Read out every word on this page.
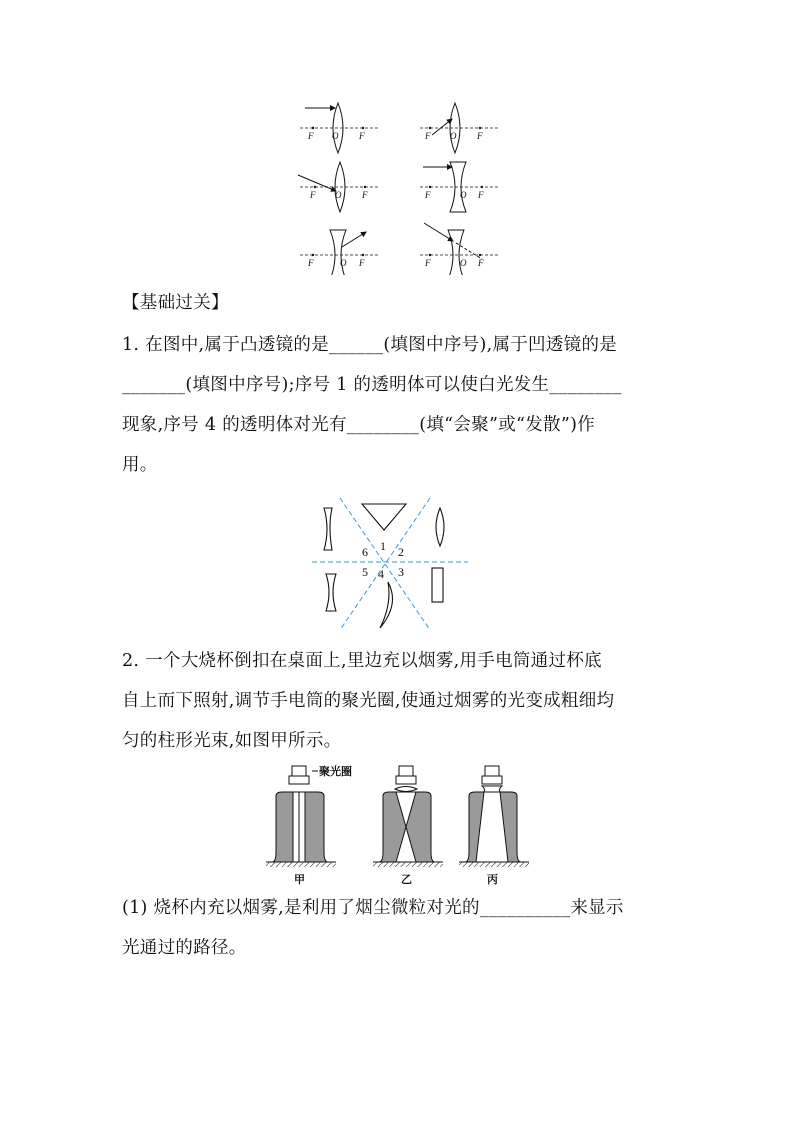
F O F	F O F
F O F	F	O F
F	O F	F	O F
【基础过关】
1. 在图中,属于凸透镜的是______(填图中序号),属于凹透镜的是
_______(填图中序号);序号 1 的透明体可以使白光发生________
现象,序号 4 的透明体对光有________(填“会聚”或“发散”)作
用。
1 2
3
4
5
6
2. 一个大烧杯倒扣在桌面上,里边充以烟雾,用手电筒通过杯底
自上而下照射,调节手电筒的聚光圈,使通过烟雾的光变成粗细均
匀的柱形光束,如图甲所示。
聚光圈
甲	乙	丙
(1) 烧杯内充以烟雾,是利用了烟尘微粒对光的__________来显示
光通过的路径。
